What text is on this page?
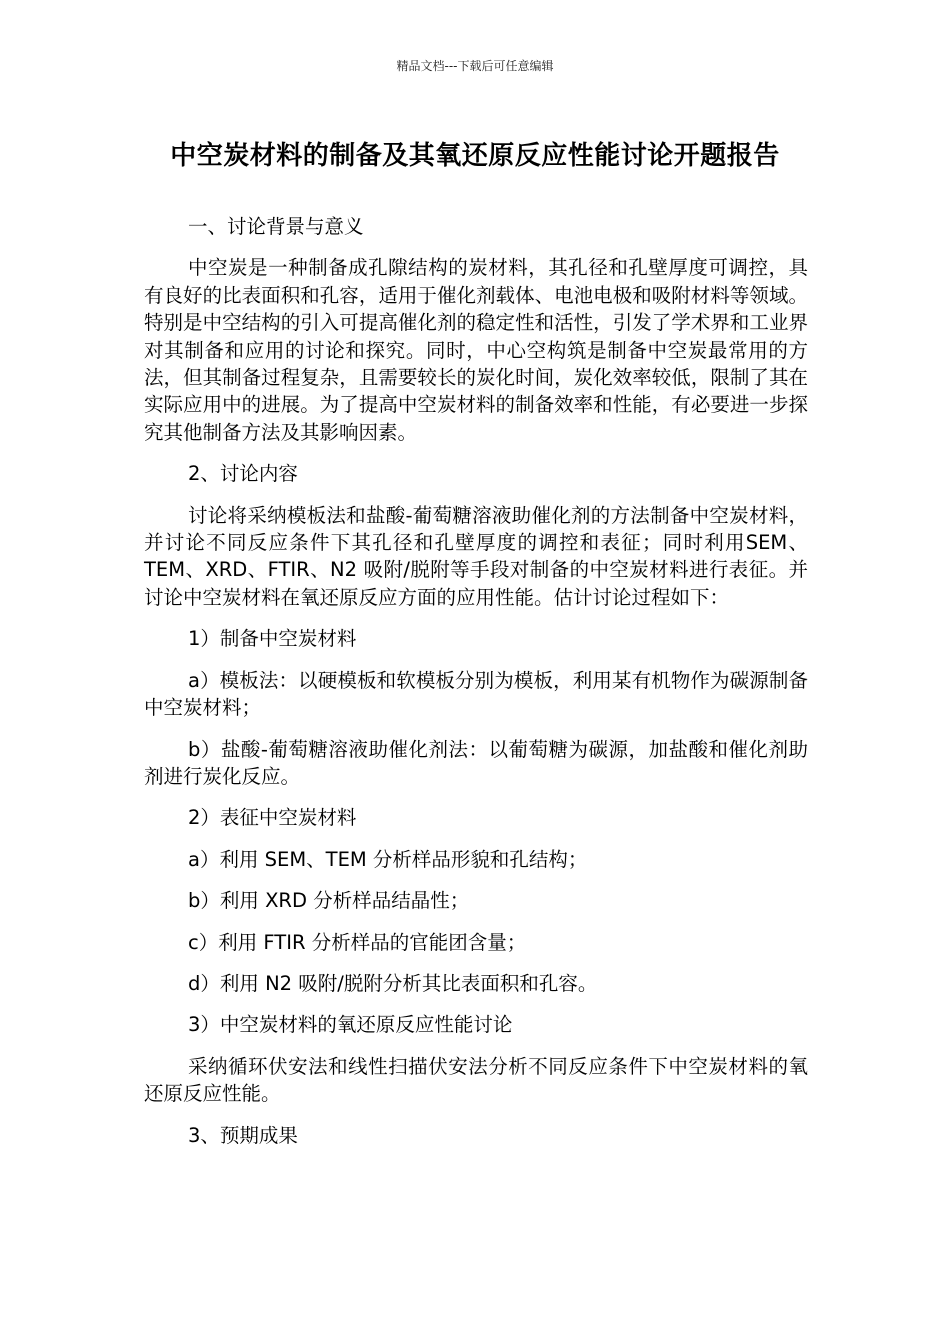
精品文档---下载后可任意编辑
中空炭材料的制备及其氧还原反应性能讨论开题报告

一、讨论背景与意义

中空炭是一种制备成孔隙结构的炭材料，其孔径和孔壁厚度可调控，具有良好的比表面积和孔容，适用于催化剂载体、电池电极和吸附材料等领域。特别是中空结构的引入可提高催化剂的稳定性和活性，引发了学术界和工业界对其制备和应用的讨论和探究。同时，中心空构筑是制备中空炭最常用的方法，但其制备过程复杂，且需要较长的炭化时间，炭化效率较低，限制了其在实际应用中的进展。为了提高中空炭材料的制备效率和性能，有必要进一步探究其他制备方法及其影响因素。

2、讨论内容

讨论将采纳模板法和盐酸-葡萄糖溶液助催化剂的方法制备中空炭材料，并讨论不同反应条件下其孔径和孔壁厚度的调控和表征；同时利用SEM、TEM、XRD、FTIR、N2 吸附/脱附等手段对制备的中空炭材料进行表征。并讨论中空炭材料在氧还原反应方面的应用性能。估计讨论过程如下：

1）制备中空炭材料

a）模板法：以硬模板和软模板分别为模板，利用某有机物作为碳源制备中空炭材料；

b）盐酸-葡萄糖溶液助催化剂法：以葡萄糖为碳源，加盐酸和催化剂助剂进行炭化反应。

2）表征中空炭材料

a）利用 SEM、TEM 分析样品形貌和孔结构；

b）利用 XRD 分析样品结晶性；

c）利用 FTIR 分析样品的官能团含量；

d）利用 N2 吸附/脱附分析其比表面积和孔容。

3）中空炭材料的氧还原反应性能讨论

采纳循环伏安法和线性扫描伏安法分析不同反应条件下中空炭材料的氧还原反应性能。

3、预期成果
